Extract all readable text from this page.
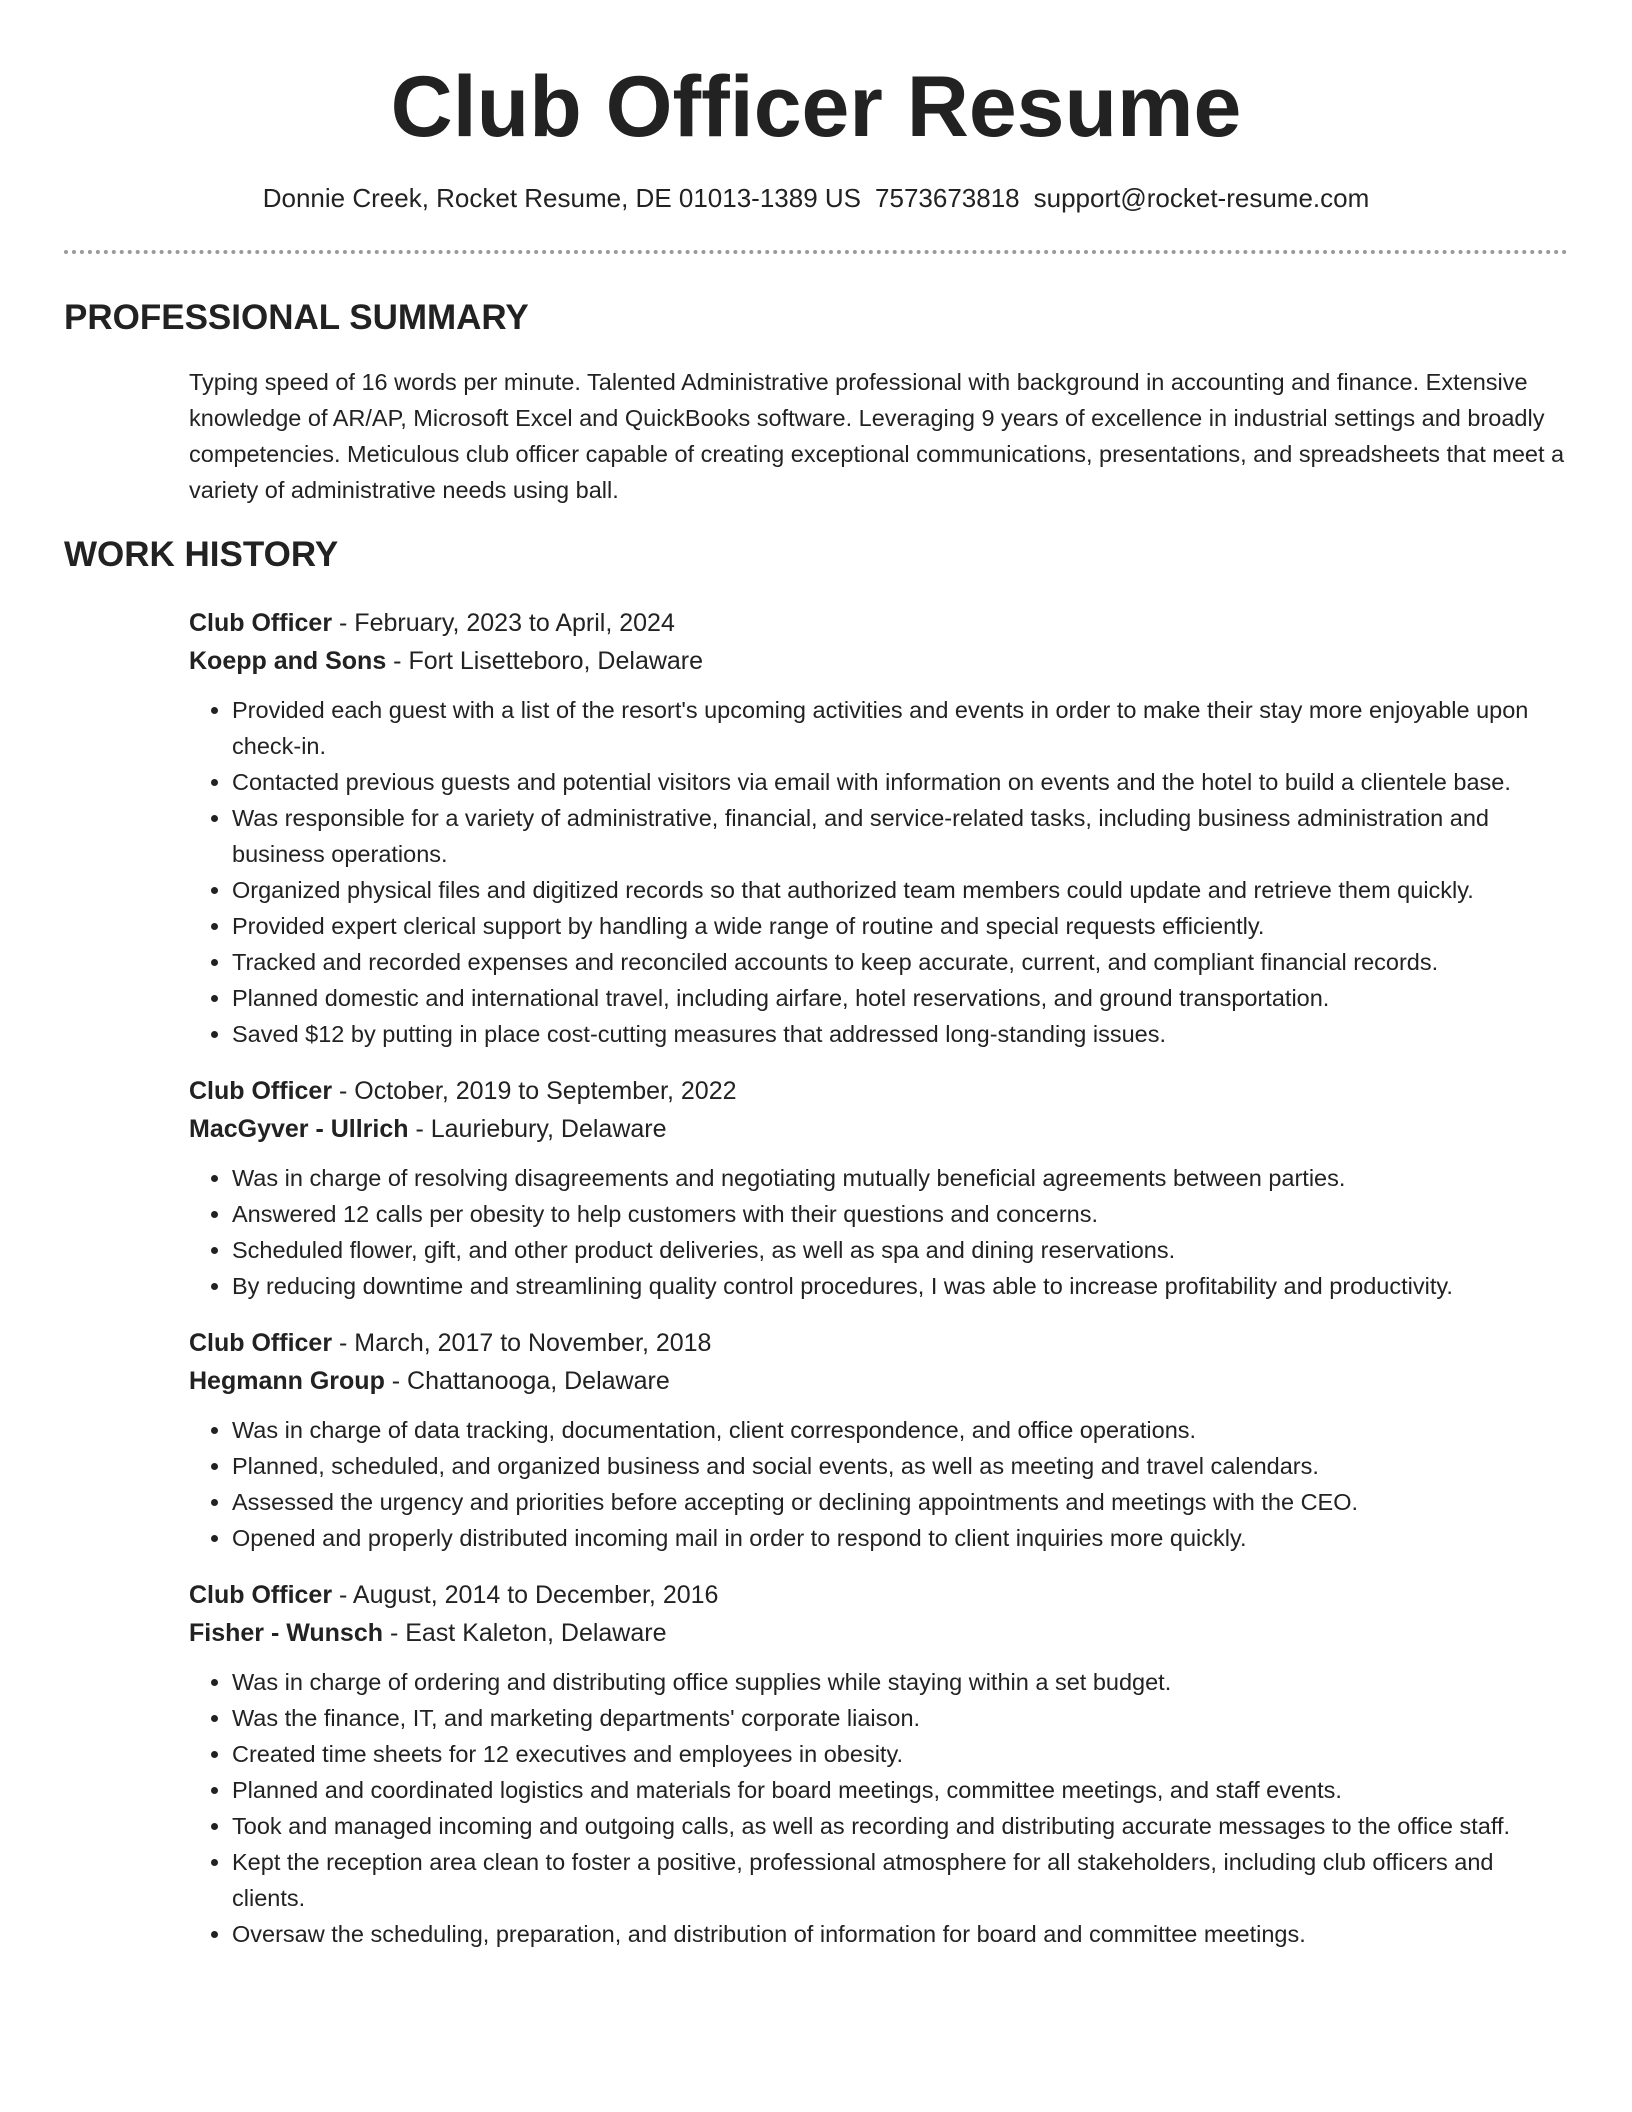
Club Officer Resume
Donnie Creek, Rocket Resume, DE 01013-1389 US 7573673818 support@rocket-resume.com
PROFESSIONAL SUMMARY

Typing speed of 16 words per minute. Talented Administrative professional with background in accounting and finance. Extensive knowledge of AR/AP, Microsoft Excel and QuickBooks software. Leveraging 9 years of excellence in industrial settings and broadly competencies. Meticulous club officer capable of creating exceptional communications, presentations, and spreadsheets that meet a variety of administrative needs using ball.

WORK HISTORY
Club Officer - February, 2023 to April, 2024
Koepp and Sons - Fort Lisetteboro, Delaware
• Provided each guest with a list of the resort's upcoming activities and events in order to make their stay more enjoyable upon check-in.
• Contacted previous guests and potential visitors via email with information on events and the hotel to build a clientele base.
• Was responsible for a variety of administrative, financial, and service-related tasks, including business administration and business operations.
• Organized physical files and digitized records so that authorized team members could update and retrieve them quickly.
• Provided expert clerical support by handling a wide range of routine and special requests efficiently.
• Tracked and recorded expenses and reconciled accounts to keep accurate, current, and compliant financial records.
• Planned domestic and international travel, including airfare, hotel reservations, and ground transportation.
• Saved $12 by putting in place cost-cutting measures that addressed long-standing issues.
Club Officer - October, 2019 to September, 2022
MacGyver - Ullrich - Lauriebury, Delaware
• Was in charge of resolving disagreements and negotiating mutually beneficial agreements between parties.
• Answered 12 calls per obesity to help customers with their questions and concerns.
• Scheduled flower, gift, and other product deliveries, as well as spa and dining reservations.
• By reducing downtime and streamlining quality control procedures, I was able to increase profitability and productivity.
Club Officer - March, 2017 to November, 2018
Hegmann Group - Chattanooga, Delaware
• Was in charge of data tracking, documentation, client correspondence, and office operations.
• Planned, scheduled, and organized business and social events, as well as meeting and travel calendars.
• Assessed the urgency and priorities before accepting or declining appointments and meetings with the CEO.
• Opened and properly distributed incoming mail in order to respond to client inquiries more quickly.
Club Officer - August, 2014 to December, 2016
Fisher - Wunsch - East Kaleton, Delaware
• Was in charge of ordering and distributing office supplies while staying within a set budget.
• Was the finance, IT, and marketing departments' corporate liaison.
• Created time sheets for 12 executives and employees in obesity.
• Planned and coordinated logistics and materials for board meetings, committee meetings, and staff events.
• Took and managed incoming and outgoing calls, as well as recording and distributing accurate messages to the office staff.
• Kept the reception area clean to foster a positive, professional atmosphere for all stakeholders, including club officers and clients.
• Oversaw the scheduling, preparation, and distribution of information for board and committee meetings.
